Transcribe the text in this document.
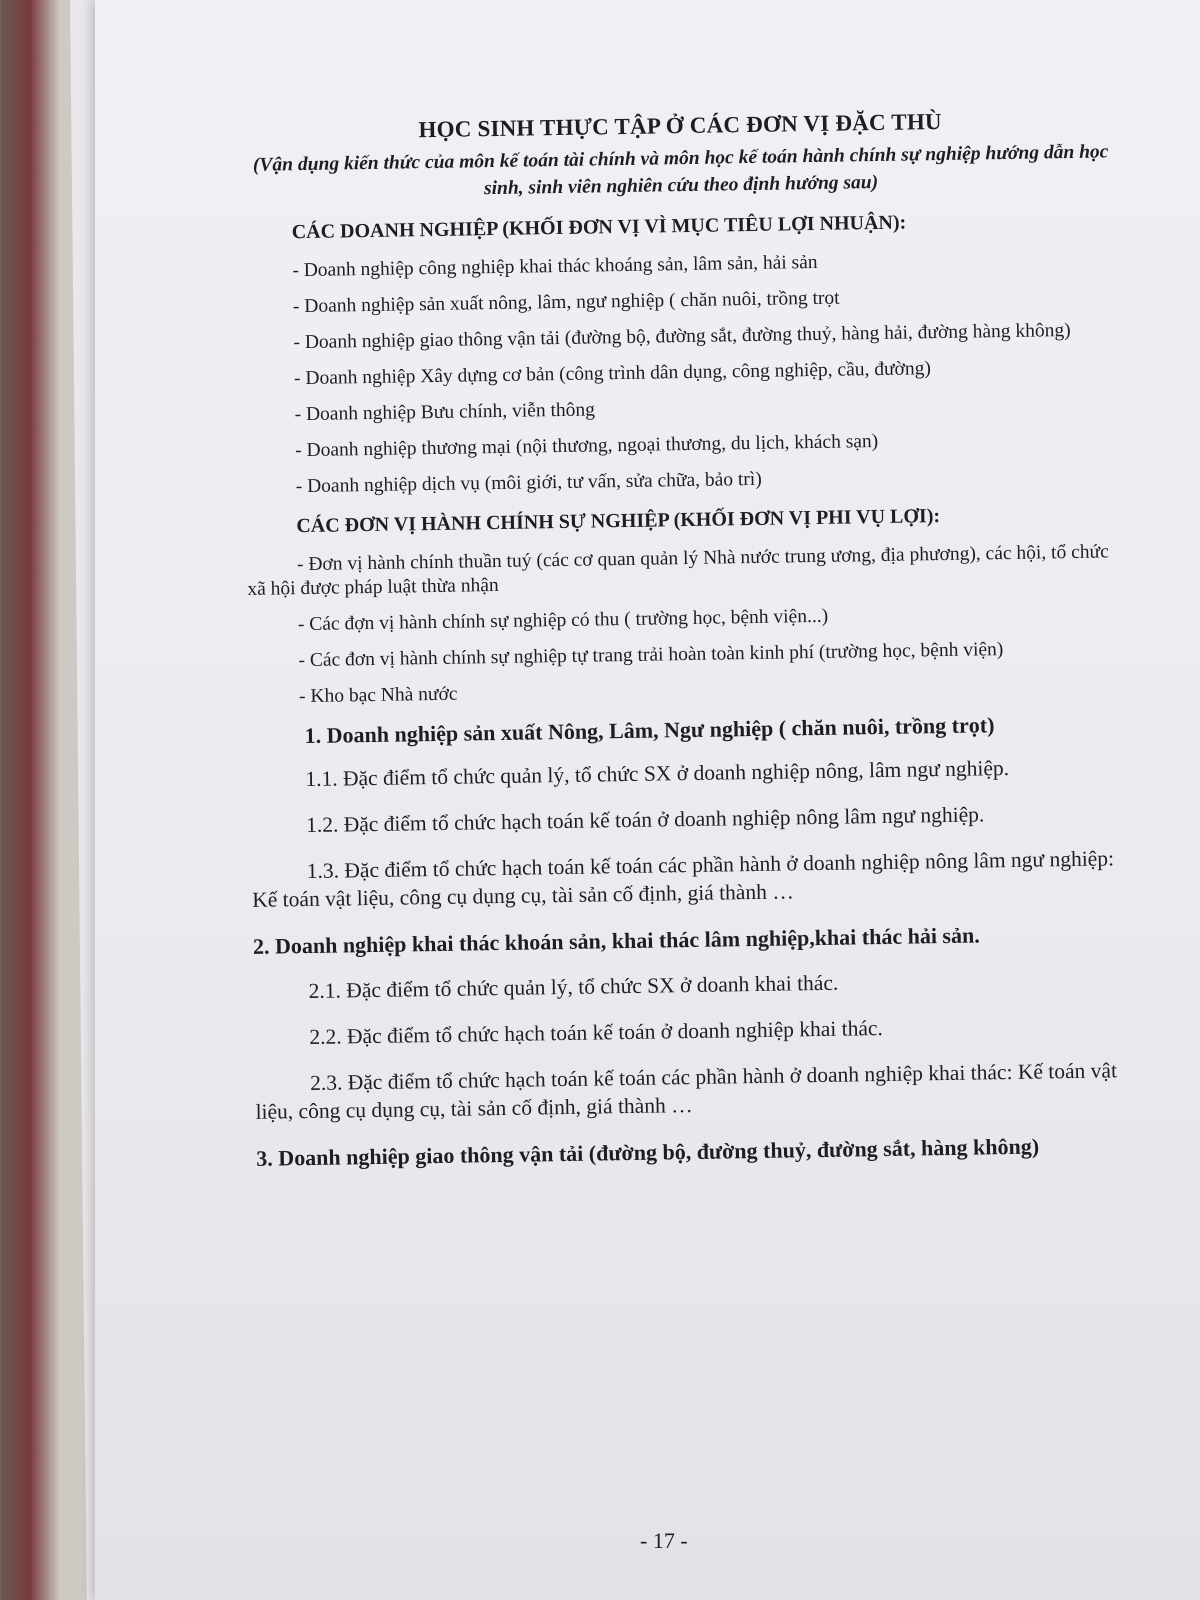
HỌC SINH THỰC TẬP Ở CÁC ĐƠN VỊ ĐẶC THÙ
(Vận dụng kiến thức của môn kế toán tài chính và môn học kế toán hành chính sự nghiệp hướng dẫn học sinh, sinh viên nghiên cứu theo định hướng sau)
CÁC DOANH NGHIỆP (KHỐI ĐƠN VỊ VÌ MỤC TIÊU LỢI NHUẬN):
- Doanh nghiệp công nghiệp khai thác khoáng sản, lâm sản, hải sản
- Doanh nghiệp sản xuất nông, lâm, ngư nghiệp ( chăn nuôi, trồng trọt
- Doanh nghiệp giao thông vận tải (đường bộ, đường sắt, đường thuỷ, hàng hải, đường hàng không)
- Doanh nghiệp Xây dựng cơ bản (công trình dân dụng, công nghiệp, cầu, đường)
- Doanh nghiệp Bưu chính, viễn thông
- Doanh nghiệp thương mại (nội thương, ngoại thương, du lịch, khách sạn)
- Doanh nghiệp dịch vụ (môi giới, tư vấn, sửa chữa, bảo trì)
CÁC ĐƠN VỊ HÀNH CHÍNH SỰ NGHIỆP (KHỐI ĐƠN VỊ PHI VỤ LỢI):
- Đơn vị hành chính thuần tuý (các cơ quan quản lý Nhà nước trung ương, địa phương), các hội, tổ chức xã hội được pháp luật thừa nhận
- Các đợn vị hành chính sự nghiệp có thu ( trường học, bệnh viện...)
- Các đơn vị hành chính sự nghiệp tự trang trải hoàn toàn kinh phí (trường học, bệnh viện)
- Kho bạc Nhà nước
1. Doanh nghiệp sản xuất Nông, Lâm, Ngư nghiệp ( chăn nuôi, trồng trọt)
1.1. Đặc điểm tổ chức quản lý, tổ chức SX ở doanh nghiệp nông, lâm ngư nghiệp.
1.2. Đặc điểm tổ chức hạch toán kế toán ở doanh nghiệp nông lâm ngư nghiệp.
1.3. Đặc điểm tổ chức hạch toán kế toán các phần hành ở doanh nghiệp nông lâm ngư nghiệp: Kế toán vật liệu, công cụ dụng cụ, tài sản cố định, giá thành …
2. Doanh nghiệp khai thác khoán sản, khai thác lâm nghiệp,khai thác hải sản.
2.1. Đặc điểm tổ chức quản lý, tổ chức SX ở doanh khai thác.
2.2. Đặc điểm tổ chức hạch toán kế toán ở doanh nghiệp khai thác.
2.3. Đặc điểm tổ chức hạch toán kế toán các phần hành ở doanh nghiệp khai thác: Kế toán vật liệu, công cụ dụng cụ, tài sản cố định, giá thành …
3. Doanh nghiệp giao thông vận tải (đường bộ, đường thuỷ, đường sắt, hàng không)
- 17 -
